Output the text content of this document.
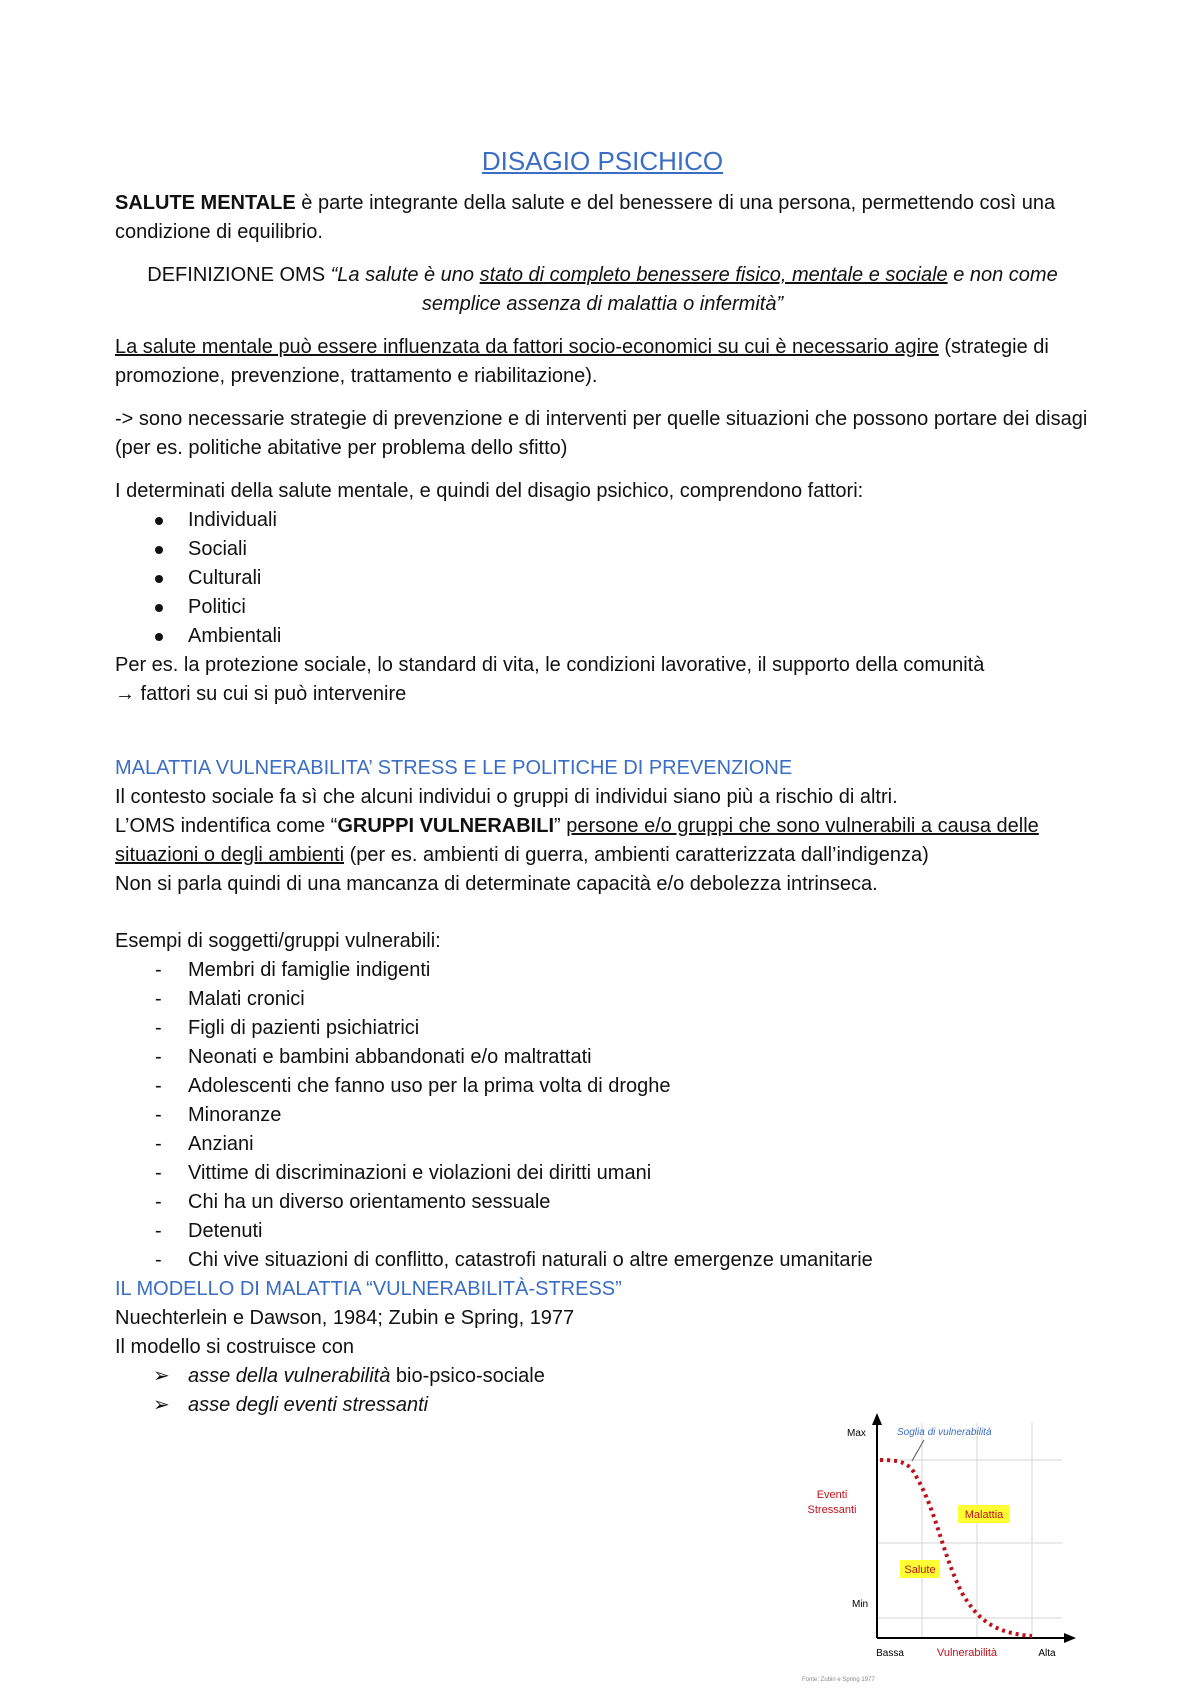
DISAGIO PSICHICO

SALUTE MENTALE è parte integrante della salute e del benessere di una persona, permettendo così una condizione di equilibrio.

DEFINIZIONE OMS “La salute è uno stato di completo benessere fisico, mentale e sociale e non come semplice assenza di malattia o infermità”

La salute mentale può essere influenzata da fattori socio-economici su cui è necessario agire (strategie di promozione, prevenzione, trattamento e riabilitazione).

-> sono necessarie strategie di prevenzione e di interventi per quelle situazioni che possono portare dei disagi (per es. politiche abitative per problema dello sfitto)

I determinati della salute mentale, e quindi del disagio psichico, comprendono fattori:

Individuali
Sociali
Culturali
Politici
Ambientali

Per es. la protezione sociale, lo standard di vita, le condizioni lavorative, il supporto della comunità

→ fattori su cui si può intervenire

MALATTIA VULNERABILITA’ STRESS E LE POLITICHE DI PREVENZIONE

Il contesto sociale fa sì che alcuni individui o gruppi di individui siano più a rischio di altri.

L’OMS indentifica come “GRUPPI VULNERABILI” persone e/o gruppi che sono vulnerabili a causa delle situazioni o degli ambienti (per es. ambienti di guerra, ambienti caratterizzata dall’indigenza)

Non si parla quindi di una mancanza di determinate capacità e/o debolezza intrinseca.

Esempi di soggetti/gruppi vulnerabili:

- Membri di famiglie indigenti
- Malati cronici
- Figli di pazienti psichiatrici
- Neonati e bambini abbandonati e/o maltrattati
- Adolescenti che fanno uso per la prima volta di droghe
- Minoranze
- Anziani
- Vittime di discriminazioni e violazioni dei diritti umani
- Chi ha un diverso orientamento sessuale
- Detenuti
- Chi vive situazioni di conflitto, catastrofi naturali o altre emergenze umanitarie

IL MODELLO DI MALATTIA “VULNERABILITÀ-STRESS”

Nuechterlein e Dawson, 1984; Zubin e Spring, 1977

Il modello si costruisce con

➢ asse della vulnerabilità bio-psico-sociale
➢ asse degli eventi stressanti
Max
Min
Eventi
Stressanti
Soglia di vulnerabilità
Malattia
Salute
Bassa	Vulnerabilità	Alta
Fonte: Zubin e Spring 1977
